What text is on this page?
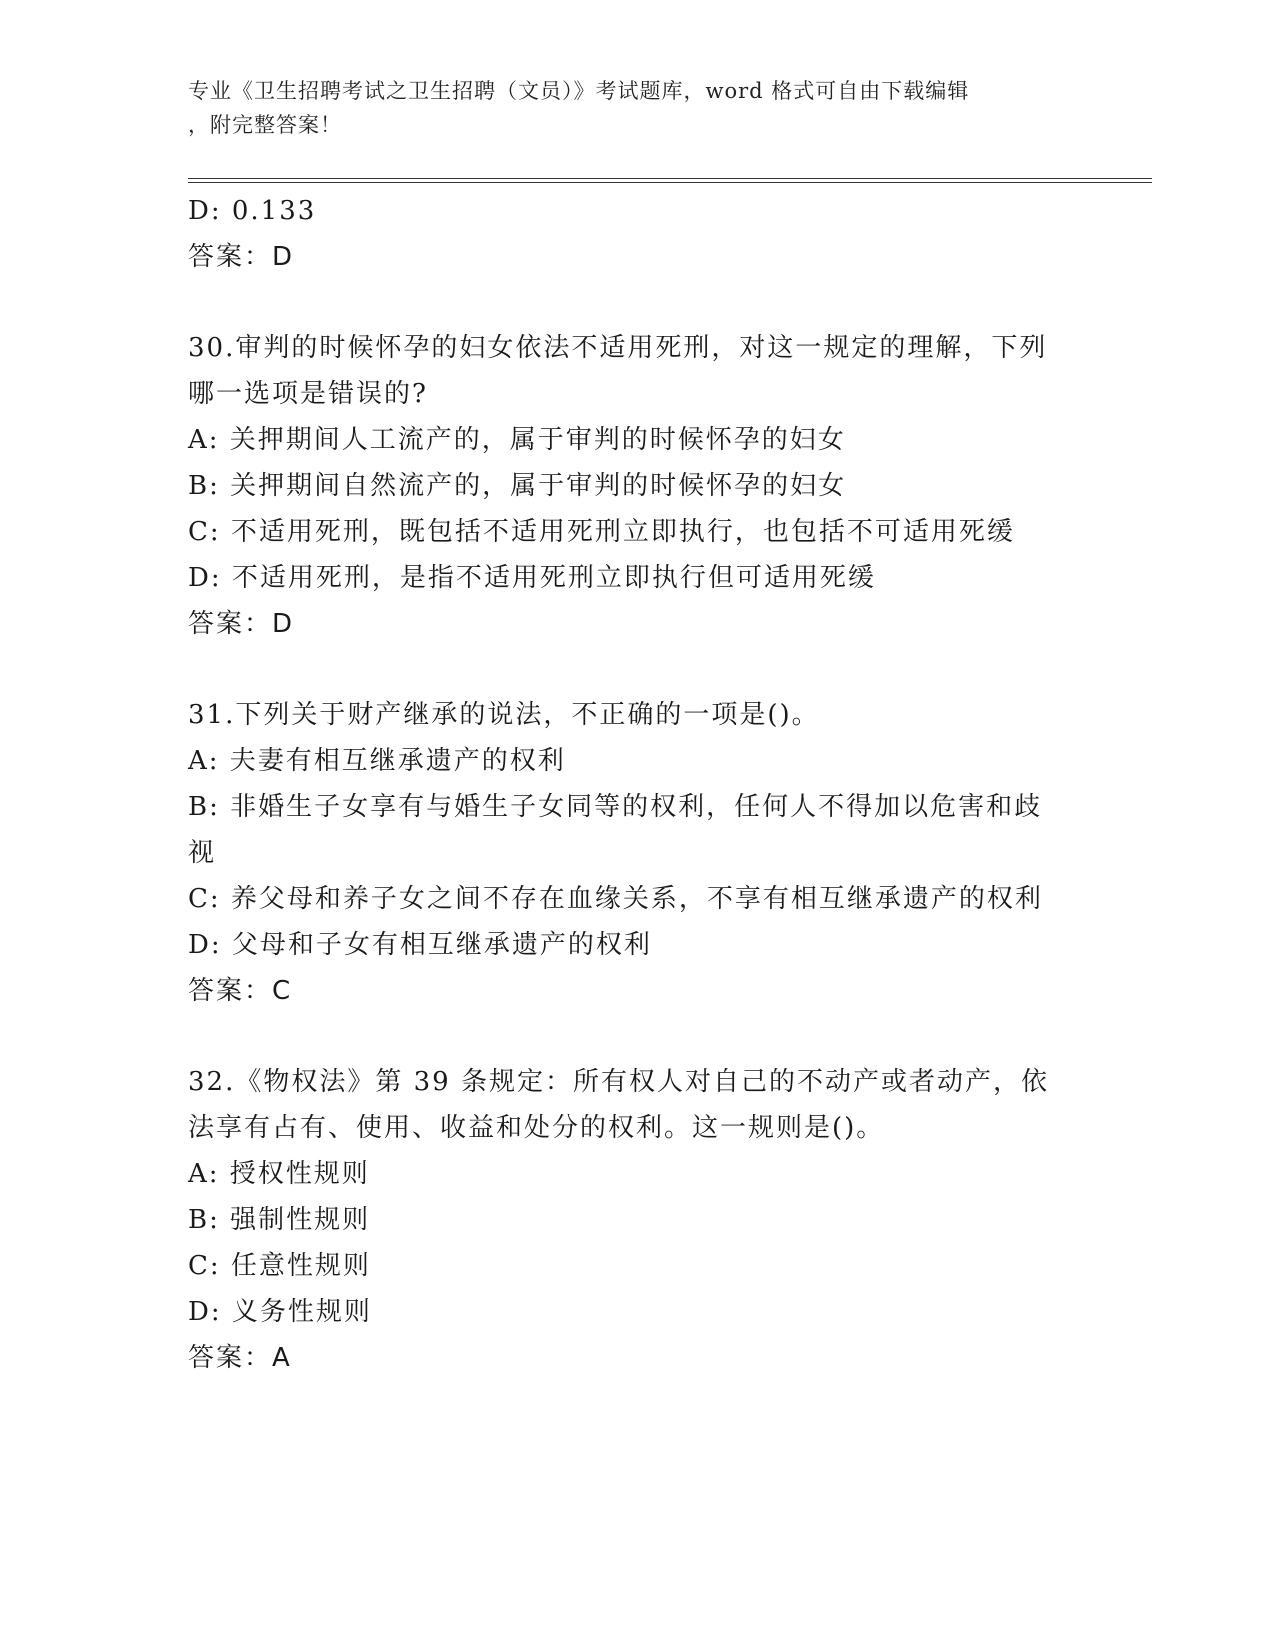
专业《卫生招聘考试之卫生招聘（文员）》考试题库，word 格式可自由下载编辑
，附完整答案！
D: 0.133
答案：D
30.审判的时候怀孕的妇女依法不适用死刑，对这一规定的理解，下列
哪一选项是错误的?
A: 关押期间人工流产的，属于审判的时候怀孕的妇女
B: 关押期间自然流产的，属于审判的时候怀孕的妇女
C: 不适用死刑，既包括不适用死刑立即执行，也包括不可适用死缓
D: 不适用死刑，是指不适用死刑立即执行但可适用死缓
答案：D
31.下列关于财产继承的说法，不正确的一项是()。
A: 夫妻有相互继承遗产的权利
B: 非婚生子女享有与婚生子女同等的权利，任何人不得加以危害和歧
视
C: 养父母和养子女之间不存在血缘关系，不享有相互继承遗产的权利
D: 父母和子女有相互继承遗产的权利
答案：C
32.《物权法》第 39 条规定：所有权人对自己的不动产或者动产，依
法享有占有、使用、收益和处分的权利。这一规则是()。
A: 授权性规则
B: 强制性规则
C: 任意性规则
D: 义务性规则
答案：A
